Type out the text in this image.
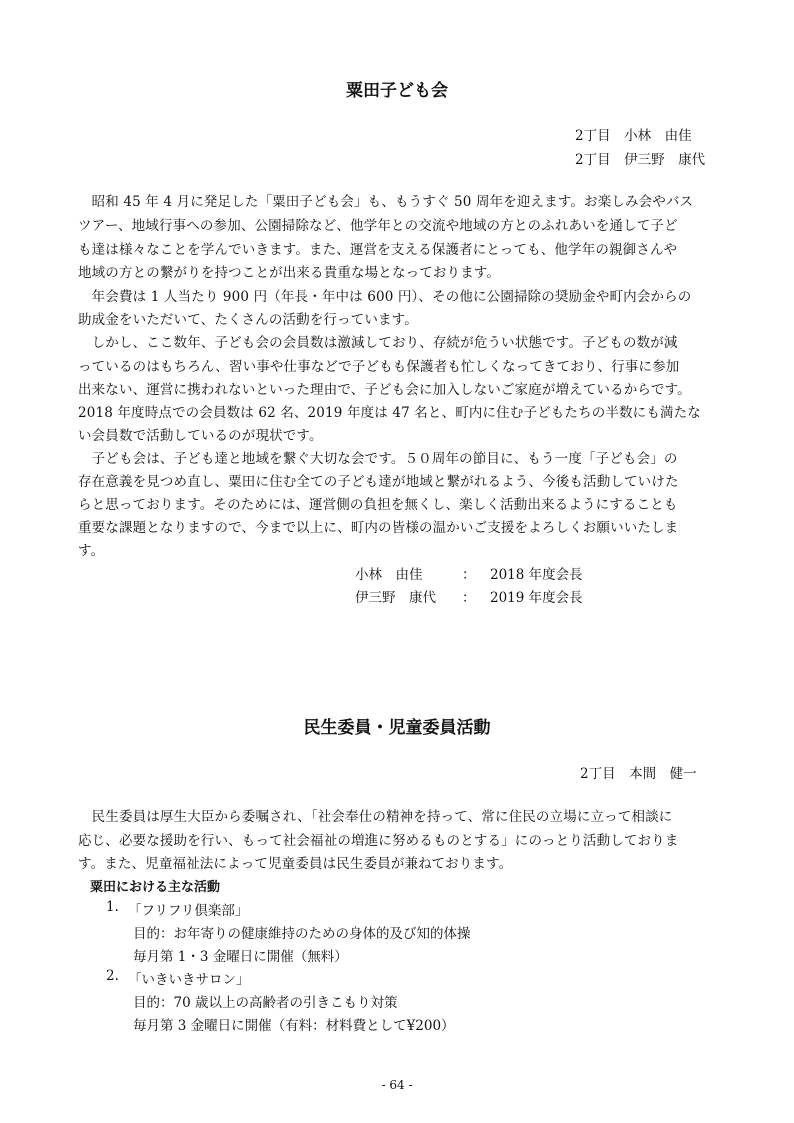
粟田子ども会
2丁目　小林　由佳
2丁目　伊三野　康代
　昭和 45 年 4 月に発足した「粟田子ども会」も、もうすぐ 50 周年を迎えます。お楽しみ会やバス
ツアー、地域行事への参加、公園掃除など、他学年との交流や地域の方とのふれあいを通して子ど
も達は様々なことを学んでいきます。また、運営を支える保護者にとっても、他学年の親御さんや
地域の方との繋がりを持つことが出来る貴重な場となっております。
　年会費は 1 人当たり 900 円（年長・年中は 600 円）、その他に公園掃除の奨励金や町内会からの
助成金をいただいて、たくさんの活動を行っています。
　しかし、ここ数年、子ども会の会員数は激減しており、存続が危うい状態です。子どもの数が減
っているのはもちろん、習い事や仕事などで子どもも保護者も忙しくなってきており、行事に参加
出来ない、運営に携われないといった理由で、子ども会に加入しないご家庭が増えているからです。
2018 年度時点での会員数は 62 名、2019 年度は 47 名と、町内に住む子どもたちの半数にも満たな
い会員数で活動しているのが現状です。
　子ども会は、子ども達と地域を繋ぐ大切な会です。５０周年の節目に、もう一度「子ども会」の
存在意義を見つめ直し、粟田に住む全ての子ども達が地域と繋がれるよう、今後も活動していけた
らと思っております。そのためには、運営側の負担を無くし、楽しく活動出来るようにすることも
重要な課題となりますので、今まで以上に、町内の皆様の温かいご支援をよろしくお願いいたしま
す。
小林　由佳	： 2018 年度会長
伊三野　康代 ： 2019 年度会長
民生委員・児童委員活動
2丁目　本間　健一
　民生委員は厚生大臣から委嘱され、「社会奉仕の精神を持って、常に住民の立場に立って相談に
応じ、必要な援助を行い、もって社会福祉の増進に努めるものとする」にのっとり活動しておりま
す。また、児童福祉法によって児童委員は民生委員が兼ねております。
粟田における主な活動
1. 「フリフリ倶楽部」
目的：お年寄りの健康維持のための身体的及び知的体操
毎月第 1・3 金曜日に開催（無料）
2. 「いきいきサロン」
目的：70 歳以上の高齢者の引きこもり対策
毎月第 3 金曜日に開催（有料：材料費として¥200）
- 64 -
